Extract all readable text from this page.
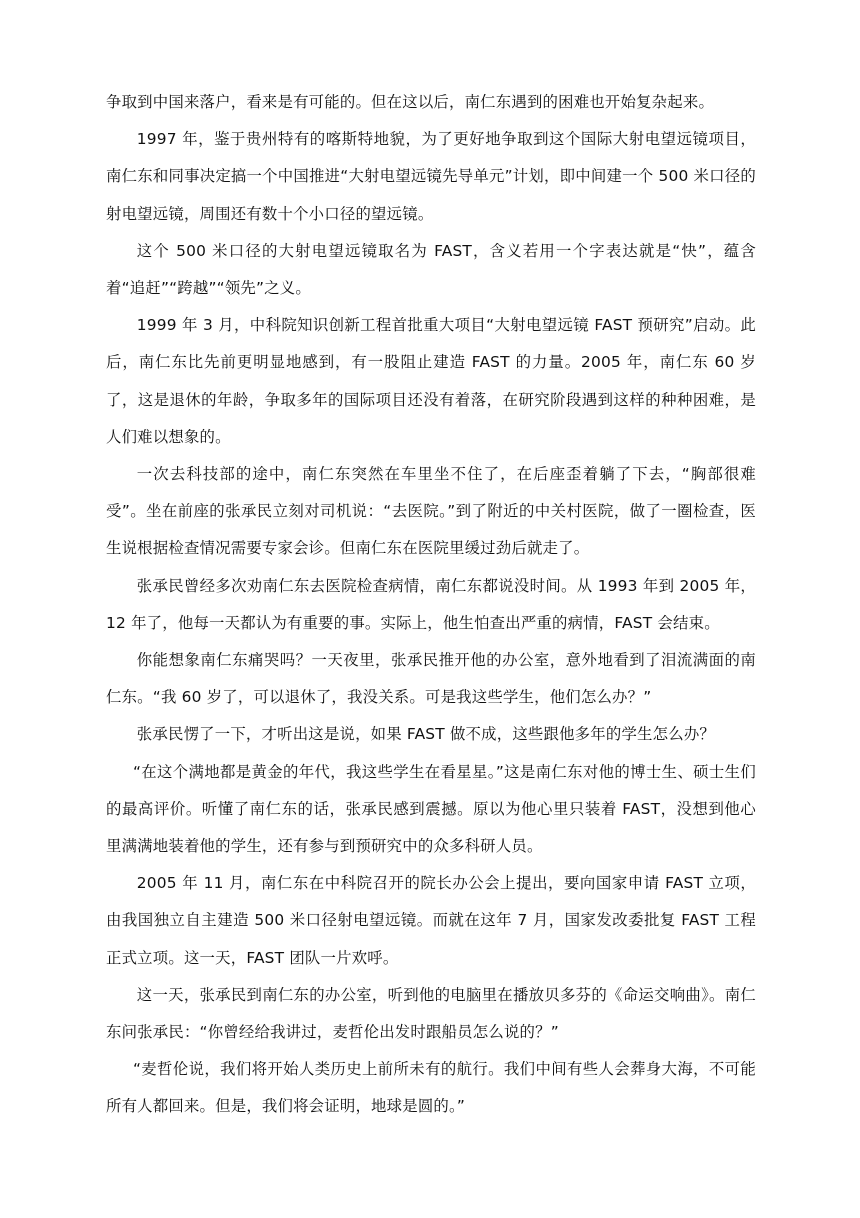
争取到中国来落户，看来是有可能的。但在这以后，南仁东遇到的困难也开始复杂起来。

1997 年，鉴于贵州特有的喀斯特地貌，为了更好地争取到这个国际大射电望远镜项目，南仁东和同事决定搞一个中国推进“大射电望远镜先导单元”计划，即中间建一个 500 米口径的射电望远镜，周围还有数十个小口径的望远镜。

这个 500 米口径的大射电望远镜取名为 FAST，含义若用一个字表达就是“快”，蕴含着“追赶”“跨越”“领先”之义。

1999 年 3 月，中科院知识创新工程首批重大项目“大射电望远镜 FAST 预研究”启动。此后，南仁东比先前更明显地感到，有一股阻止建造 FAST 的力量。2005 年，南仁东 60 岁了，这是退休的年龄，争取多年的国际项目还没有着落，在研究阶段遇到这样的种种困难，是人们难以想象的。

一次去科技部的途中，南仁东突然在车里坐不住了，在后座歪着躺了下去，“胸部很难受”。坐在前座的张承民立刻对司机说：“去医院。”到了附近的中关村医院，做了一圈检查，医生说根据检查情况需要专家会诊。但南仁东在医院里缓过劲后就走了。

张承民曾经多次劝南仁东去医院检查病情，南仁东都说没时间。从 1993 年到 2005 年，12 年了，他每一天都认为有重要的事。实际上，他生怕查出严重的病情，FAST 会结束。

你能想象南仁东痛哭吗？一天夜里，张承民推开他的办公室，意外地看到了泪流满面的南仁东。“我 60 岁了，可以退休了，我没关系。可是我这些学生，他们怎么办？”

张承民愣了一下，才听出这是说，如果 FAST 做不成，这些跟他多年的学生怎么办？

“在这个满地都是黄金的年代，我这些学生在看星星。”这是南仁东对他的博士生、硕士生们的最高评价。听懂了南仁东的话，张承民感到震撼。原以为他心里只装着 FAST，没想到他心里满满地装着他的学生，还有参与到预研究中的众多科研人员。

2005 年 11 月，南仁东在中科院召开的院长办公会上提出，要向国家申请 FAST 立项，由我国独立自主建造 500 米口径射电望远镜。而就在这年 7 月，国家发改委批复 FAST 工程正式立项。这一天，FAST 团队一片欢呼。

这一天，张承民到南仁东的办公室，听到他的电脑里在播放贝多芬的《命运交响曲》。南仁东问张承民：“你曾经给我讲过，麦哲伦出发时跟船员怎么说的？”

“麦哲伦说，我们将开始人类历史上前所未有的航行。我们中间有些人会葬身大海，不可能所有人都回来。但是，我们将会证明，地球是圆的。”
